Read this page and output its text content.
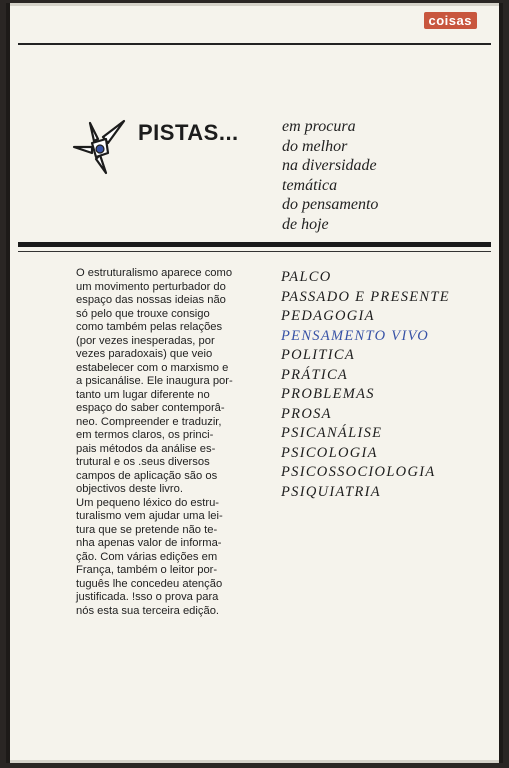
coisas
PISTAS...	em procura
do melhor
na diversidade
temática
do pensamento
de hoje
O estruturalismo aparece como
um movimento perturbador do
espaço das nossas ideias não
só pelo que trouxe consigo
como também pelas relações
(por vezes inesperadas, por
vezes paradoxais) que veio
estabelecer com o marxismo e
a psicanálise. Ele inaugura por-
tanto um lugar diferente no
espaço do saber contemporâ-
neo. Compreender e traduzir,
em termos claros, os princi-
pais métodos da análise es-
trutural e os .seus diversos
campos de aplicação são os
objectivos deste livro.
Um pequeno léxico do estru-
turalismo vem ajudar uma lei-
tura que se pretende não te-
nha apenas valor de informa-
ção. Com várias edições em
França, também o leitor por-
tuguês lhe concedeu atenção
justificada. !sso o prova para
nós esta sua terceira edição.
PALCO
PASSADO E PRESENTE
PEDAGOGIA
PENSAMENTO VIVO
POLITICA
PRÁTICA
PROBLEMAS
PROSA
PSICANÁLISE
PSICOLOGIA
PSICOSSOCIOLOGIA
PSIQUIATRIA
